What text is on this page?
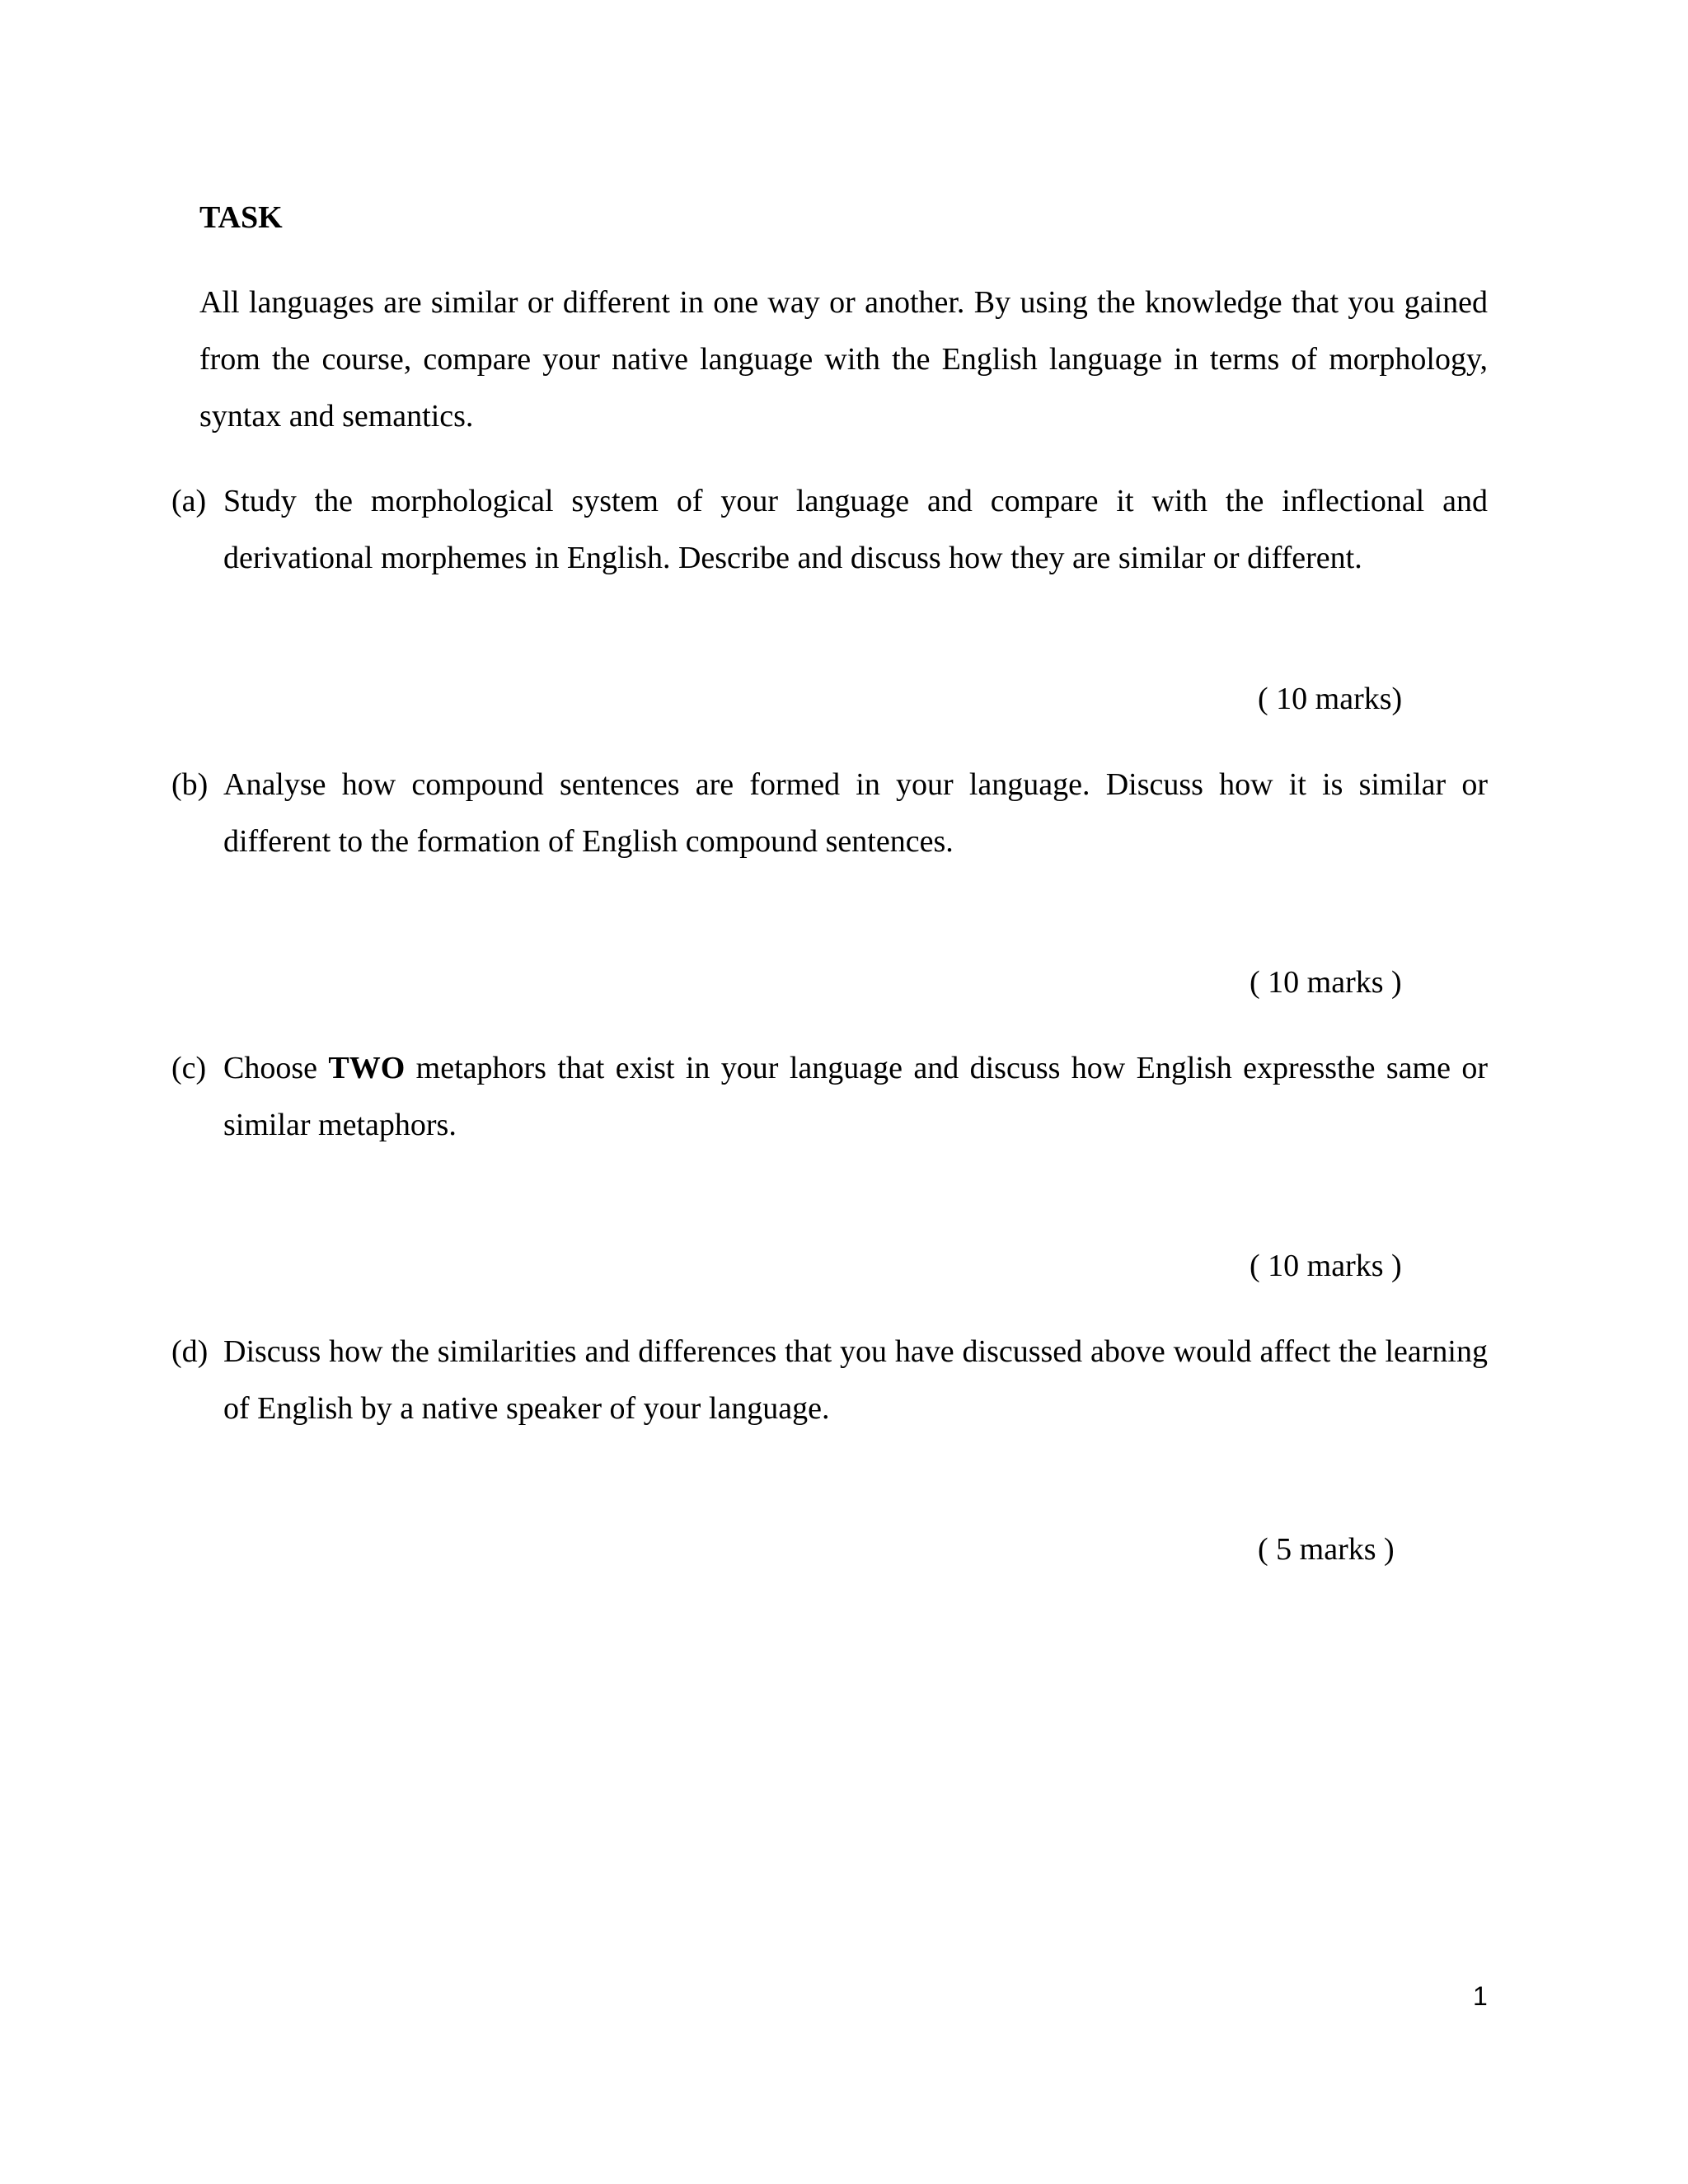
TASK

All languages are similar or different in one way or another. By using the knowledge that you gained from the course, compare your native language with the English language in terms of morphology, syntax and semantics.

(a) Study the morphological system of your language and compare it with the inflectional and derivational morphemes in English. Describe and discuss how they are similar or different.

( 10 marks)

(b) Analyse how compound sentences are formed in your language. Discuss how it is similar or different to the formation of English compound sentences.

( 10 marks )

(c) Choose TWO metaphors that exist in your language and discuss how English expressthe same or similar metaphors.

( 10 marks )

(d) Discuss how the similarities and differences that you have discussed above would affect the learning of English by a native speaker of your language.

( 5 marks )

1
